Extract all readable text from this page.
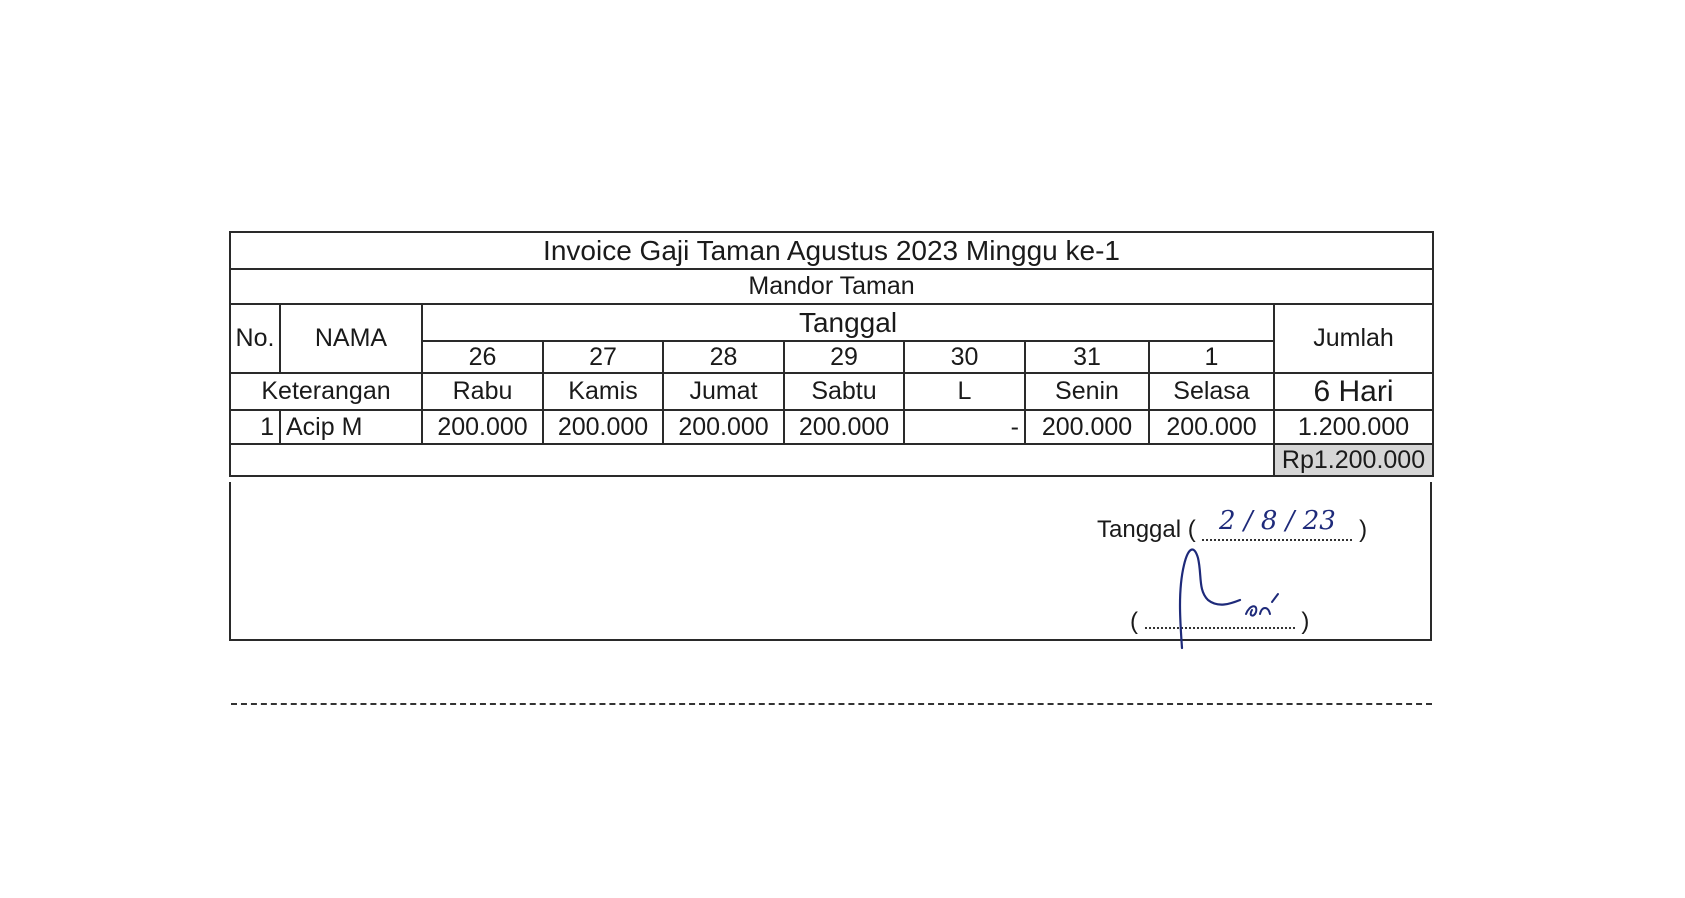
Invoice Gaji Taman Agustus 2023 Minggu ke-1									
Mandor Taman									
No.	NAMA	Tanggal							Jumlah
		26	27	28	29	30	31	1	
Keterangan		Rabu	Kamis	Jumat	Sabtu	L	Senin	Selasa	6 Hari
1	Acip M	200.000	200.000	200.000	200.000	-	200.000	200.000	1.200.000
									Rp1.200.000
Tanggal ( 2 / 8 / 23 )
(	)
